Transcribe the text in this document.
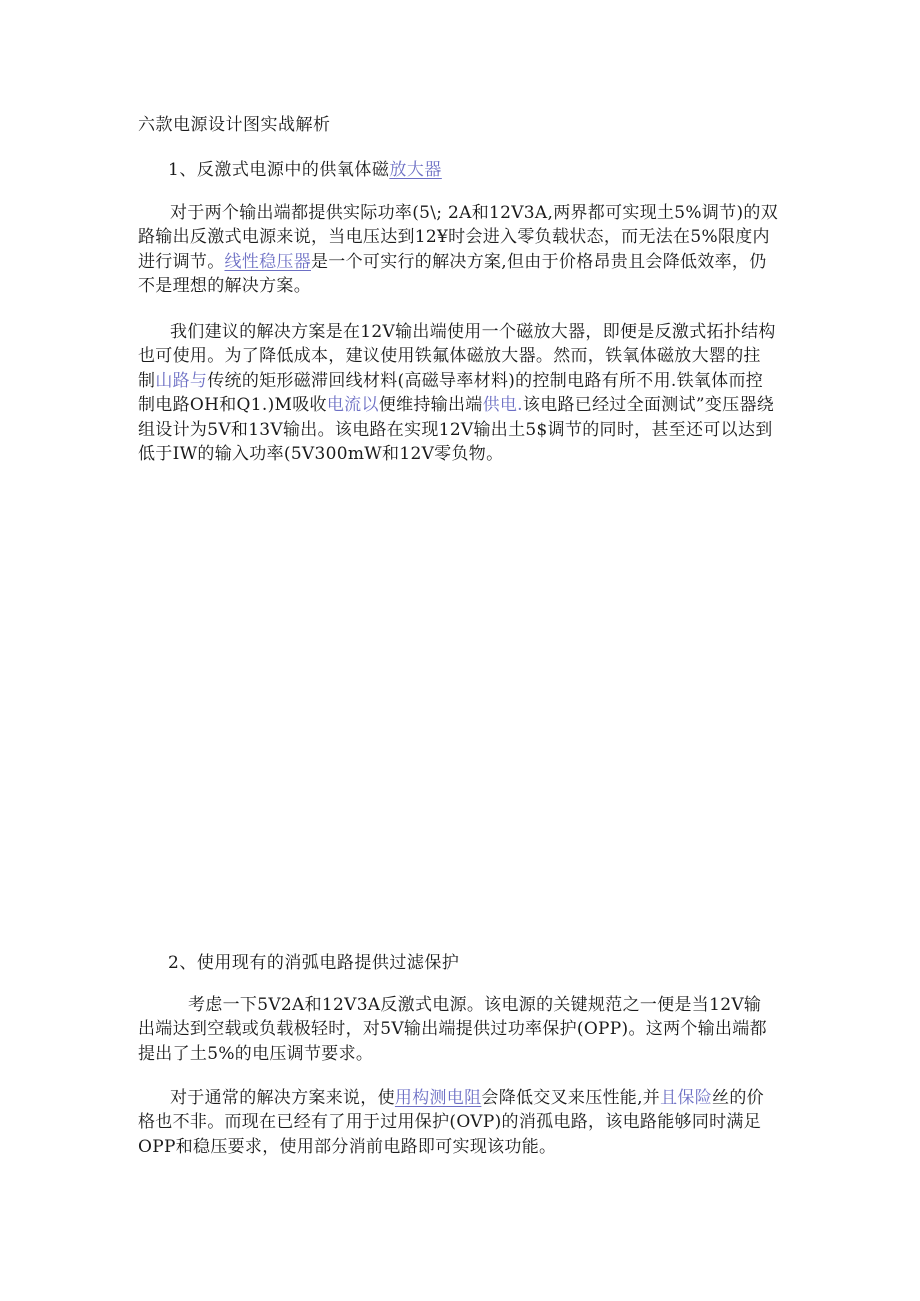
六款电源设计图实战解析
1、反激式电源中的供氧体磁放大器

对于两个输出端都提供实际功率(5\; 2A和12V3A,两界都可实现土5%调节)的双路输出反激式电源来说，当电压达到12¥时会进入零负载状态，而无法在5%限度内进行调节。线性稳压器是一个可实行的解决方案,但由于价格昂贵且会降低效率，仍不是理想的解决方案。

我们建议的解决方案是在12V输出端使用一个磁放大器，即便是反激式拓扑结构也可使用。为了降低成本，建议使用铁氟体磁放大器。然而，铁氧体磁放大罂的拄制山路与传统的矩形磁滞回线材料(高磁导率材料)的控制电路有所不用.铁氧体而控制电路OH和Q1.)M吸收电流以便维持输出端供电.该电路已经过全面测试”变压器绕组设计为5V和13V输出。该电路在实现12V输出土5$调节的同时，甚至还可以达到低于IW的输入功率(5V300mW和12V零负物。

2、使用现有的消弧电路提供过滤保护

考虑一下5V2A和12V3A反激式电源。该电源的关键规范之一便是当12V输出端达到空载或负载极轻时，对5V输出端提供过功率保护(OPP)。这两个输出端都提出了土5%的电压调节要求。

对于通常的解决方案来说，使用构测电阻会降低交叉来压性能,并且保险丝的价格也不非。而现在已经有了用于过用保护(OVP)的消孤电路，该电路能够同时满足OPP和稳压要求，使用部分消前电路即可实现该功能。
